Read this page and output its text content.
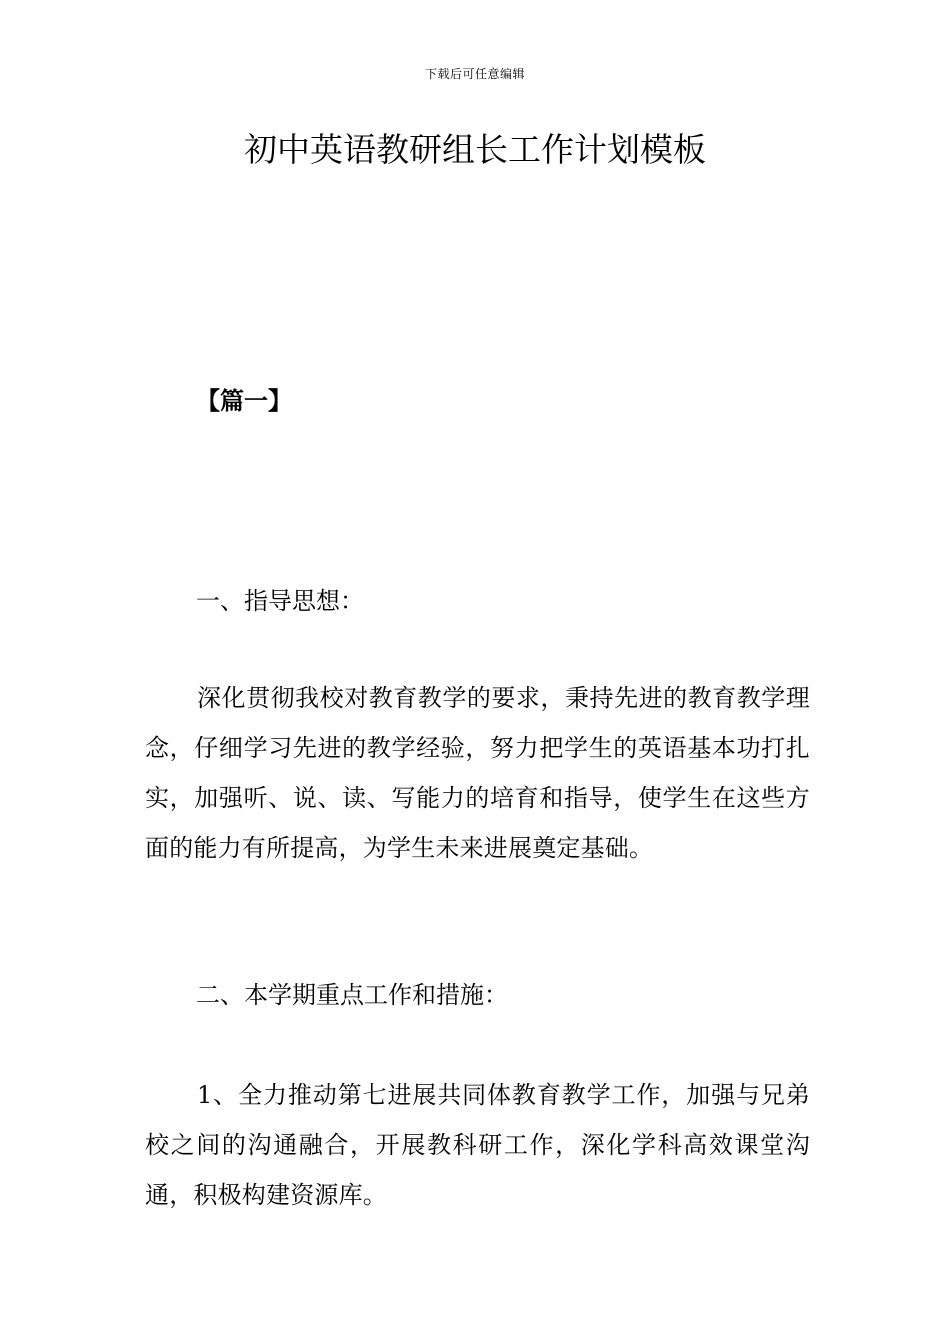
下载后可任意编辑
初中英语教研组长工作计划模板

【篇一】

一、指导思想：

深化贯彻我校对教育教学的要求，秉持先进的教育教学理念，仔细学习先进的教学经验，努力把学生的英语基本功打扎实，加强听、说、读、写能力的培育和指导，使学生在这些方面的能力有所提高，为学生未来进展奠定基础。

二、本学期重点工作和措施：

1、全力推动第七进展共同体教育教学工作，加强与兄弟校之间的沟通融合，开展教科研工作，深化学科高效课堂沟通，积极构建资源库。
